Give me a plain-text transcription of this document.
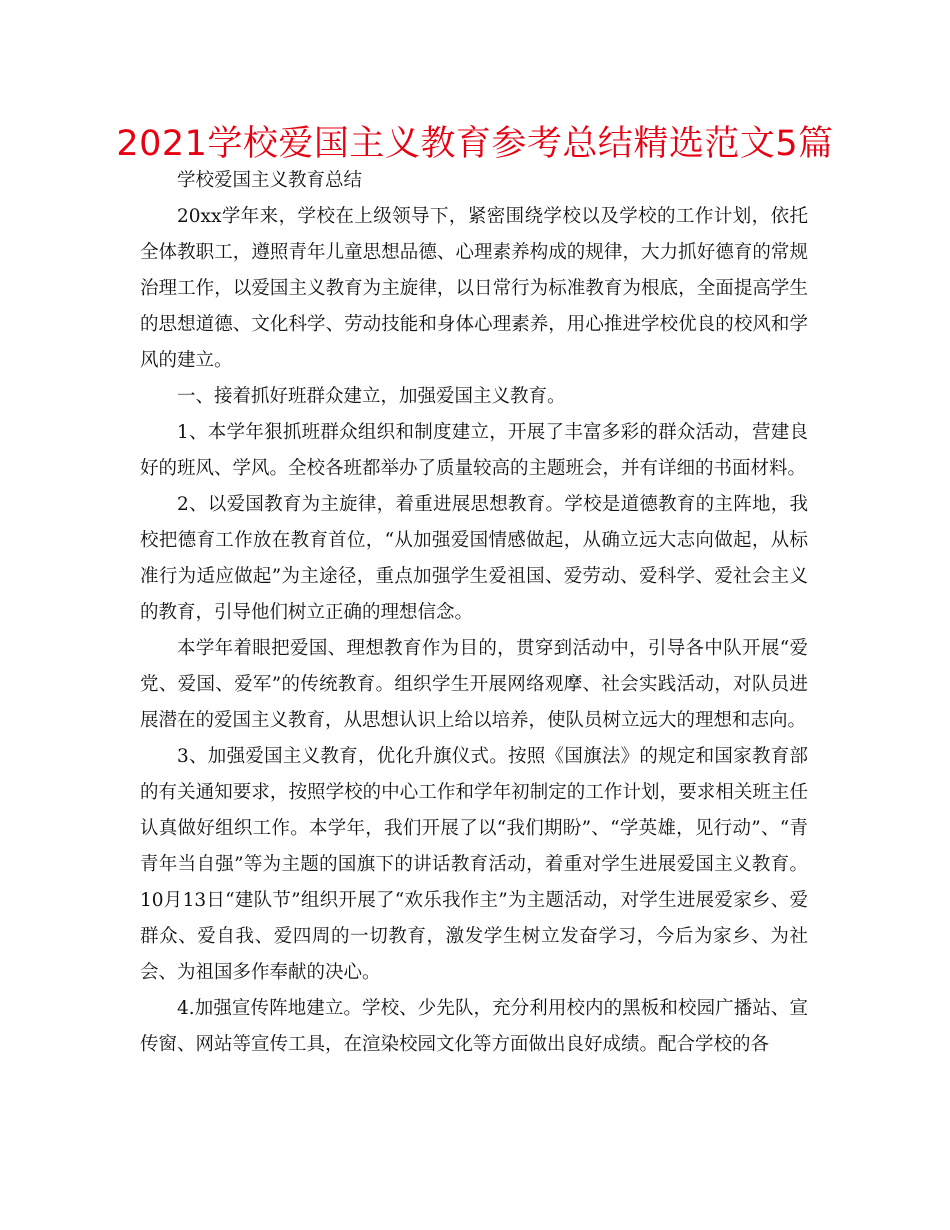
2021学校爱国主义教育参考总结精选范文5篇

学校爱国主义教育总结

20xx学年来，学校在上级领导下，紧密围绕学校以及学校的工作计划，依托全体教职工，遵照青年儿童思想品德、心理素养构成的规律，大力抓好德育的常规治理工作，以爱国主义教育为主旋律，以日常行为标准教育为根底，全面提高学生的思想道德、文化科学、劳动技能和身体心理素养，用心推进学校优良的校风和学风的建立。

一、接着抓好班群众建立，加强爱国主义教育。

1、本学年狠抓班群众组织和制度建立，开展了丰富多彩的群众活动，营建良好的班风、学风。全校各班都举办了质量较高的主题班会，并有详细的书面材料。

2、以爱国教育为主旋律，着重进展思想教育。学校是道德教育的主阵地，我校把德育工作放在教育首位，“从加强爱国情感做起，从确立远大志向做起，从标准行为适应做起”为主途径，重点加强学生爱祖国、爱劳动、爱科学、爱社会主义的教育，引导他们树立正确的理想信念。

本学年着眼把爱国、理想教育作为目的，贯穿到活动中，引导各中队开展“爱党、爱国、爱军”的传统教育。组织学生开展网络观摩、社会实践活动，对队员进展潜在的爱国主义教育，从思想认识上给以培养，使队员树立远大的理想和志向。

3、加强爱国主义教育，优化升旗仪式。按照《国旗法》的规定和国家教育部的有关通知要求，按照学校的中心工作和学年初制定的工作计划，要求相关班主任认真做好组织工作。本学年，我们开展了以“我们期盼”、“学英雄，见行动”、“青青年当自强”等为主题的国旗下的讲话教育活动，着重对学生进展爱国主义教育。10月13日“建队节”组织开展了“欢乐我作主”为主题活动，对学生进展爱家乡、爱群众、爱自我、爱四周的一切教育，激发学生树立发奋学习，今后为家乡、为社会、为祖国多作奉献的决心。

4.加强宣传阵地建立。学校、少先队，充分利用校内的黑板和校园广播站、宣传窗、网站等宣传工具，在渲染校园文化等方面做出良好成绩。配合学校的各
